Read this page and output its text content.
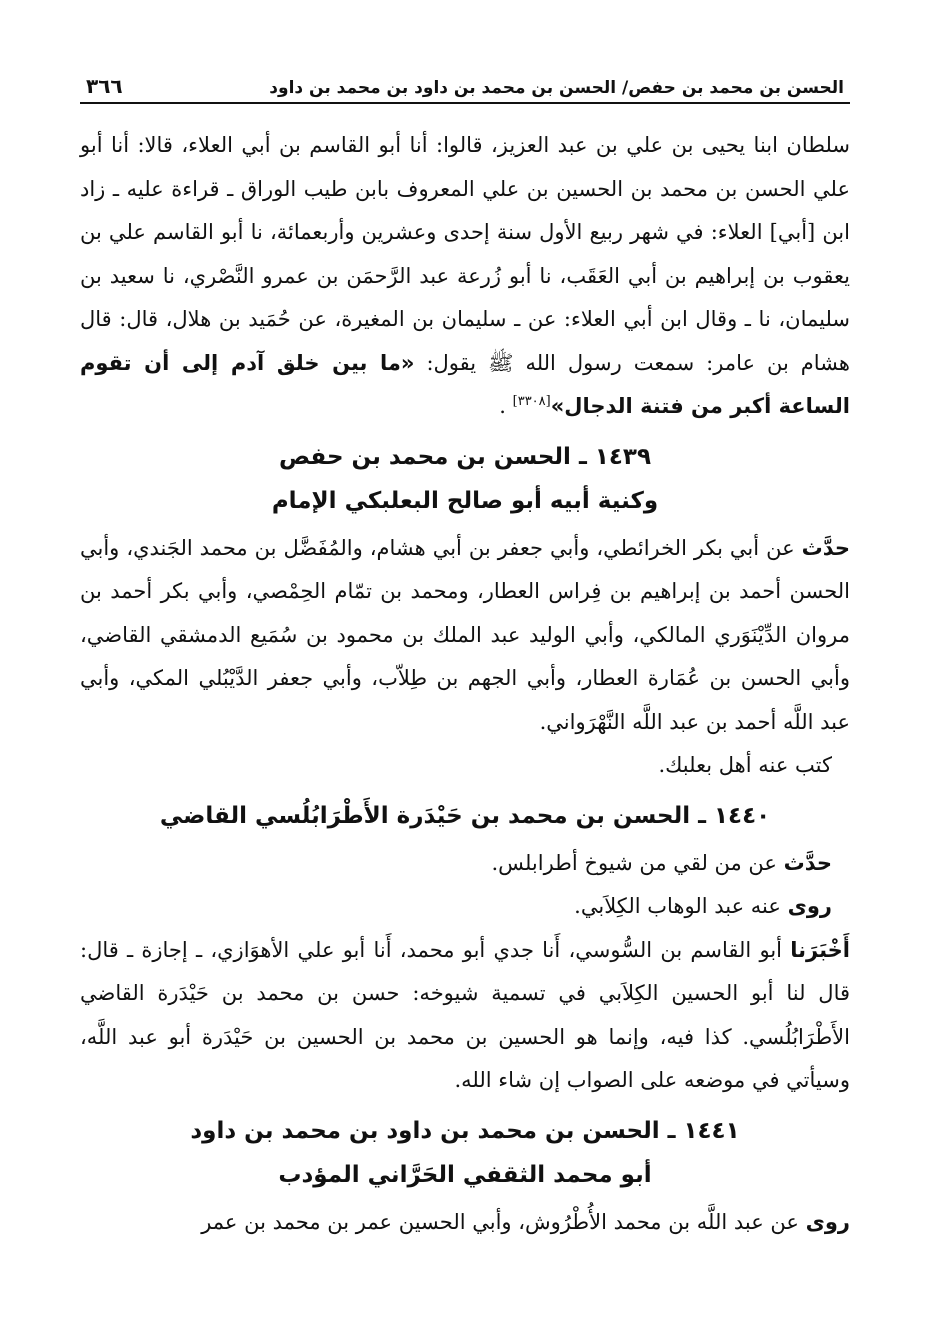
الحسن بن محمد بن حفص/ الحسن بن محمد بن داود بن محمد بن داود
٣٦٦

سلطان ابنا يحيى بن علي بن عبد العزيز، قالوا: أنا أبو القاسم بن أبي العلاء، قالا: أنا أبو علي الحسن بن محمد بن الحسين بن علي المعروف بابن طيب الوراق ـ قراءة عليه ـ زاد ابن [أبي] العلاء: في شهر ربيع الأول سنة إحدى وعشرين وأربعمائة، نا أبو القاسم علي بن يعقوب بن إبراهيم بن أبي العَقَب، نا أبو زُرعة عبد الرَّحمَن بن عمرو النَّصْري، نا سعيد بن سليمان، نا ـ وقال ابن أبي العلاء: عن ـ سليمان بن المغيرة، عن حُمَيد بن هلال، قال: قال هشام بن عامر: سمعت رسول الله ﷺ يقول: «ما بين خلق آدم إلى أن تقوم الساعة أكبر من فتنة الدجال»[٣٣٠٨] .

١٤٣٩ ـ الحسن بن محمد بن حفص
وكنية أبيه أبو صالح البعلبكي الإمام

حدَّث عن أبي بكر الخرائطي، وأبي جعفر بن أبي هشام، والمُفَضَّل بن محمد الجَندي، وأبي الحسن أحمد بن إبراهيم بن فِراس العطار، ومحمد بن تمّام الحِمْصي، وأبي بكر أحمد بن مروان الدِّيْنَوَري المالكي، وأبي الوليد عبد الملك بن محمود بن سُمَيع الدمشقي القاضي، وأبي الحسن بن عُمَارة العطار، وأبي الجهم بن طِلاّب، وأبي جعفر الدَّيْبُلي المكي، وأبي عبد اللَّه أحمد بن عبد اللَّه النَّهْرَواني.

كتب عنه أهل بعلبك.

١٤٤٠ ـ الحسن بن محمد بن حَيْدَرة الأَطْرَابُلُسي القاضي

حدَّث عن من لقي من شيوخ أطرابلس.

روى عنه عبد الوهاب الكِلاَبي.

أَخْبَرَنا أبو القاسم بن السُّوسي، أَنا جدي أبو محمد، أَنا أبو علي الأهوَازي، ـ إجازة ـ قال: قال لنا أبو الحسين الكِلاَبي في تسمية شيوخه: حسن بن محمد بن حَيْدَرة القاضي الأَطْرَابُلُسي. كذا فيه، وإنما هو الحسين بن محمد بن الحسين بن حَيْدَرة أبو عبد اللَّه، وسيأتي في موضعه على الصواب إن شاء الله.

١٤٤١ ـ الحسن بن محمد بن داود بن محمد بن داود
أبو محمد الثقفي الحَرَّاني المؤدب

روى عن عبد اللَّه بن محمد الأُطْرُوش، وأبي الحسين عمر بن محمد بن عمر
